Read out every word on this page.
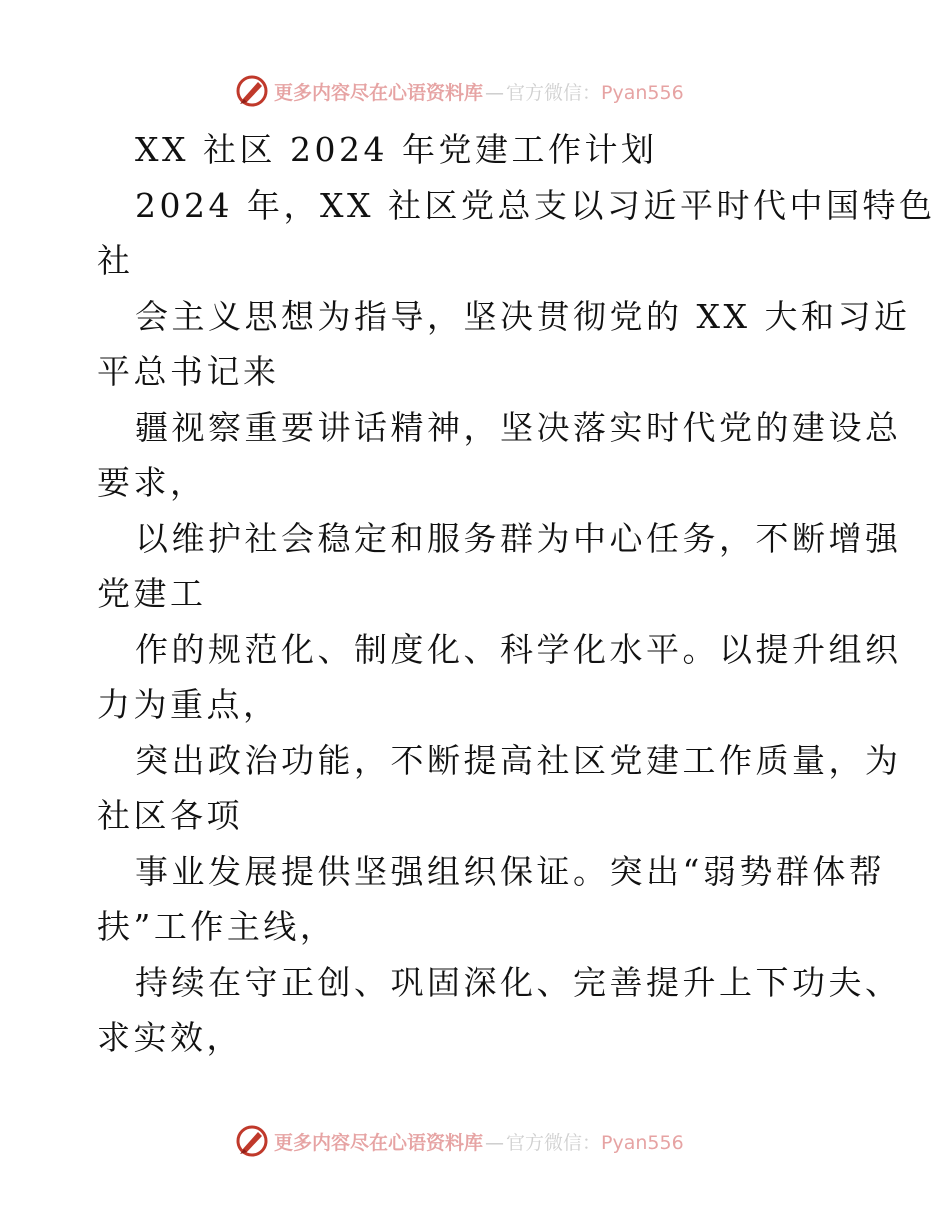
更多内容尽在心语资料库 — 官方微信：Pyan556
XX 社区 2024 年党建工作计划
2024 年，XX 社区党总支以习近平时代中国特色
社
会主义思想为指导，坚决贯彻党的 XX 大和习近
平总书记来
疆视察重要讲话精神，坚决落实时代党的建设总
要求，
以维护社会稳定和服务群为中心任务，不断增强
党建工
作的规范化、制度化、科学化水平。以提升组织
力为重点，
突出政治功能，不断提高社区党建工作质量，为
社区各项
事业发展提供坚强组织保证。突出“弱势群体帮
扶”工作主线，
持续在守正创、巩固深化、完善提升上下功夫、
求实效，
更多内容尽在心语资料库 — 官方微信：Pyan556
